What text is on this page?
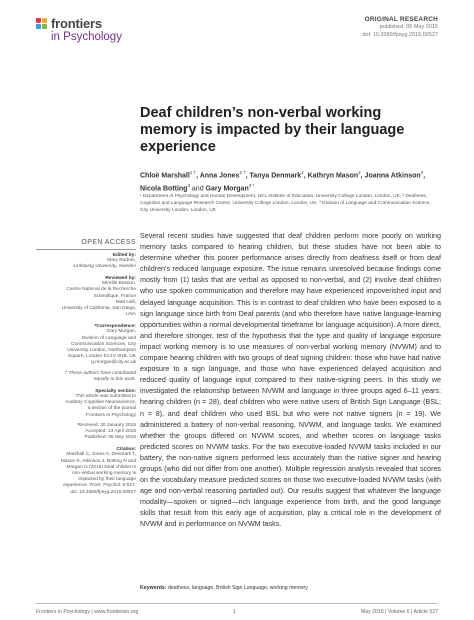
frontiers
in Psychology
ORIGINAL RESEARCH
published: 05 May 2015
doi: 10.3389/fpsyg.2015.00527
Deaf children’s non-verbal working memory is impacted by their language experience
Chloë Marshall$^{1 \dagger}$, Anna Jones$^{2 \dagger}$, Tanya Denmark$^2$, Kathryn Mason$^2$, Joanna Atkinson$^2$,
Nicola Botting$^3$ and Gary Morgan$^{3 *}$
¹ Department of Psychology and Human Development, UCL Institute of Education, University College London, London, UK, ² Deafness, Cognition and Language Research Centre, University College London, London, UK, ³ Division of Language and Communication Science, City University London, London, UK
OPEN ACCESS
Edited by:
Mary Rudner,
Linköping University, Sweden
Reviewed by:
Mireille Besson,
Centre National de la Recherche
Scientifique, France
Matt Hall,
University of California, San Diego,
USA
*Correspondence:
Gary Morgan,
Division of Language and
Communication Sciences, City
University London, Northampton
Square, London EC1V 0HB, UK
g.morgan@city.ac.uk
† These authors have contributed
equally to this work.
Specialty section:
This article was submitted to
Auditory Cognitive Neuroscience,
a section of the journal
Frontiers in Psychology
Received: 30 January 2015
Accepted: 13 April 2015
Published: 05 May 2015
Citation:
Marshall C, Jones A, Denmark T,
Mason K, Atkinson J, Botting N and
Morgan G (2015) Deaf children’s
non-verbal working memory is
impacted by their language
experience. Front. Psychol. 6:527.
doi: 10.3389/fpsyg.2015.00527
Several recent studies have suggested that deaf children perform more poorly on working memory tasks compared to hearing children, but these studies have not been able to determine whether this poorer performance arises directly from deafness itself or from deaf children’s reduced language exposure. The issue remains unresolved because findings come mostly from (1) tasks that are verbal as opposed to non-verbal, and (2) involve deaf children who use spoken communication and therefore may have experienced impoverished input and delayed language acquisition. This is in contrast to deaf children who have been exposed to a sign language since birth from Deaf parents (and who therefore have native language-learning opportunities within a normal developmental timeframe for language acquisition). A more direct, and therefore stronger, test of the hypothesis that the type and quality of language exposure impact working memory is to use measures of non-verbal working memory (NVWM) and to compare hearing children with two groups of deaf signing children: those who have had native exposure to a sign language, and those who have experienced delayed acquisition and reduced quality of language input compared to their native-signing peers. In this study we investigated the relationship between NVWM and language in three groups aged 6–11 years: hearing children (n = 28), deaf children who were native users of British Sign Language (BSL; n = 8), and deaf children who used BSL but who were not native signers (n = 19). We administered a battery of non-verbal reasoning, NVWM, and language tasks. We examined whether the groups differed on NVWM scores, and whether scores on language tasks predicted scores on NVWM tasks. For the two executive-loaded NVWM tasks included in our battery, the non-native signers performed less accurately than the native signer and hearing groups (who did not differ from one another). Multiple regression analysis revealed that scores on the vocabulary measure predicted scores on those two executive-loaded NVWM tasks (with age and non-verbal reasoning partialled out). Our results suggest that whatever the language modality—spoken or signed—rich language experience from birth, and the good language skills that result from this early age of acquisition, play a critical role in the development of NVWM and in performance on NVWM tasks.
Keywords: deafness, language, British Sign Language, working memory
Frontiers in Psychology | www.frontiersin.org	1	May 2015 | Volume 6 | Article 527
